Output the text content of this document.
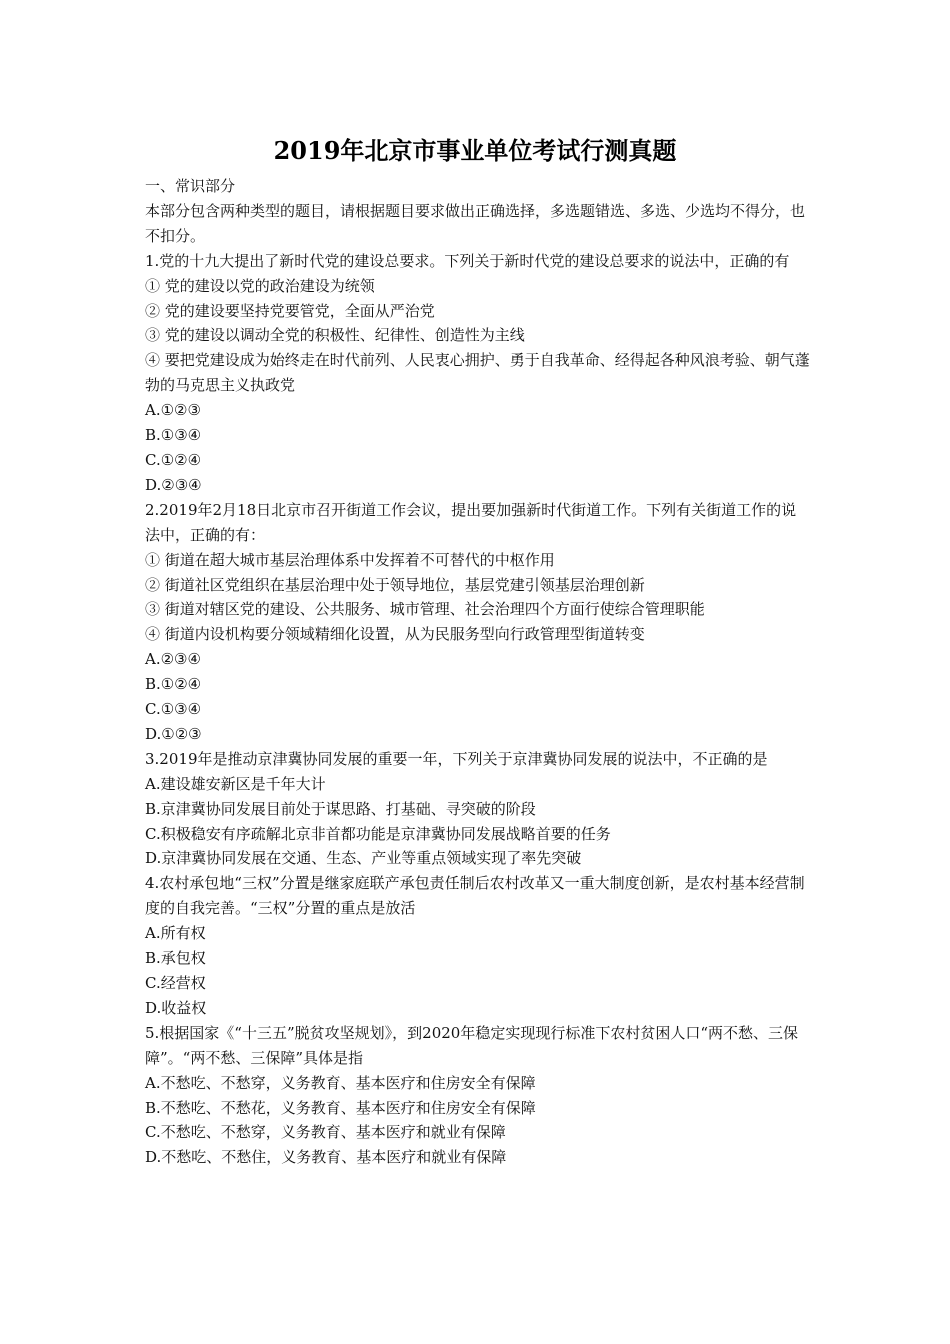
2019年北京市事业单位考试行测真题

一、常识部分

本部分包含两种类型的题目，请根据题目要求做出正确选择，多选题错选、多选、少选均不得分，也不扣分。

1.党的十九大提出了新时代党的建设总要求。下列关于新时代党的建设总要求的说法中，正确的有

① 党的建设以党的政治建设为统领

② 党的建设要坚持党要管党，全面从严治党

③ 党的建设以调动全党的积极性、纪律性、创造性为主线

④ 要把党建设成为始终走在时代前列、人民衷心拥护、勇于自我革命、经得起各种风浪考验、朝气蓬勃的马克思主义执政党

A.①②③

B.①③④

C.①②④

D.②③④

2.2019年2月18日北京市召开街道工作会议，提出要加强新时代街道工作。下列有关街道工作的说法中，正确的有：

① 街道在超大城市基层治理体系中发挥着不可替代的中枢作用

② 街道社区党组织在基层治理中处于领导地位，基层党建引领基层治理创新

③ 街道对辖区党的建设、公共服务、城市管理、社会治理四个方面行使综合管理职能

④ 街道内设机构要分领域精细化设置，从为民服务型向行政管理型街道转变

A.②③④

B.①②④

C.①③④

D.①②③

3.2019年是推动京津冀协同发展的重要一年，下列关于京津冀协同发展的说法中，不正确的是

A.建设雄安新区是千年大计

B.京津冀协同发展目前处于谋思路、打基础、寻突破的阶段

C.积极稳安有序疏解北京非首都功能是京津冀协同发展战略首要的任务

D.京津冀协同发展在交通、生态、产业等重点领域实现了率先突破

4.农村承包地“三权”分置是继家庭联产承包责任制后农村改革又一重大制度创新，是农村基本经营制度的自我完善。“三权”分置的重点是放活

A.所有权

B.承包权

C.经营权

D.收益权

5.根据国家《“十三五”脱贫攻坚规划》，到2020年稳定实现现行标准下农村贫困人口“两不愁、三保障”。“两不愁、三保障”具体是指

A.不愁吃、不愁穿，义务教育、基本医疗和住房安全有保障

B.不愁吃、不愁花，义务教育、基本医疗和住房安全有保障

C.不愁吃、不愁穿，义务教育、基本医疗和就业有保障

D.不愁吃、不愁住，义务教育、基本医疗和就业有保障
